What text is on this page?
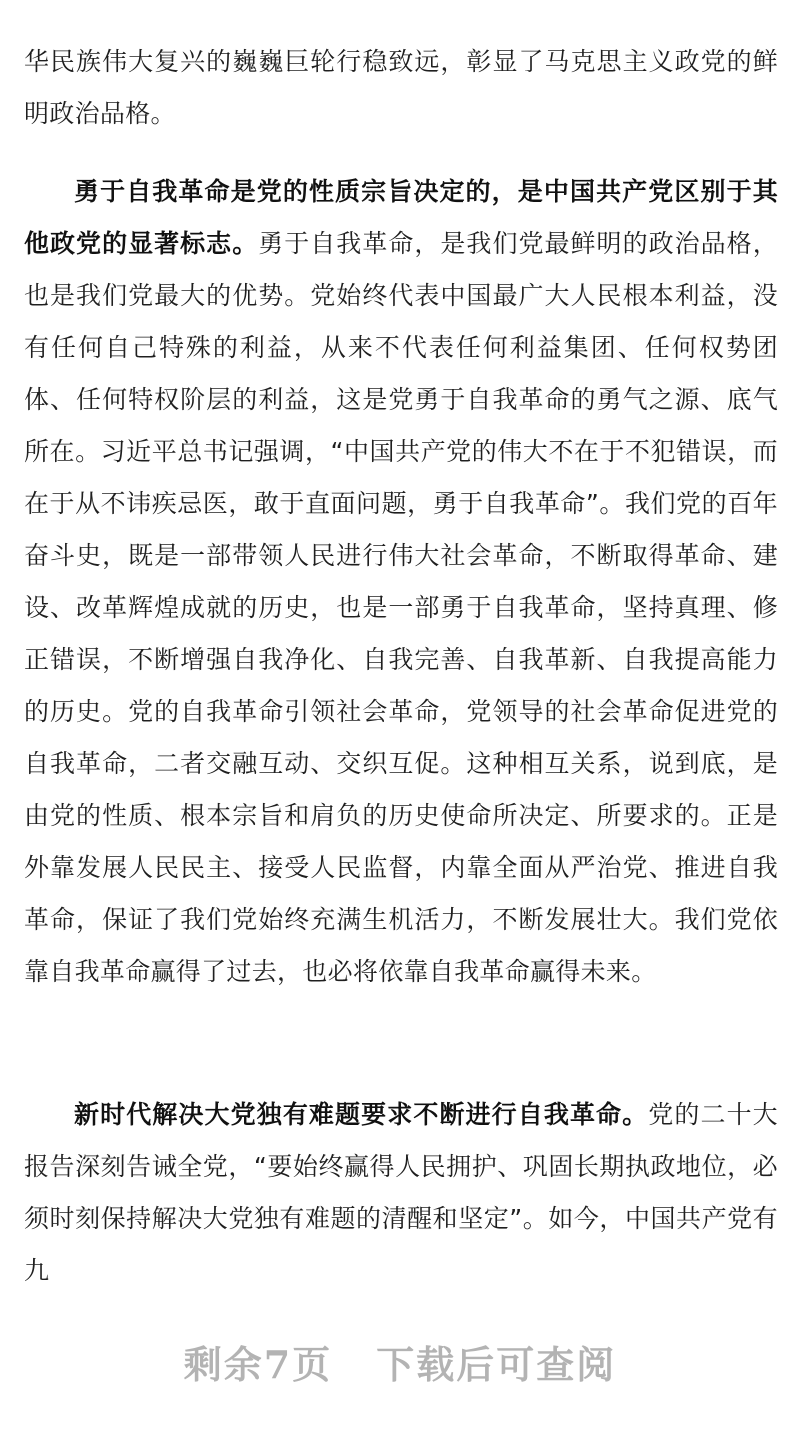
华民族伟大复兴的巍巍巨轮行稳致远，彰显了马克思主义政党的鲜明政治品格。

勇于自我革命是党的性质宗旨决定的，是中国共产党区别于其他政党的显著标志。勇于自我革命，是我们党最鲜明的政治品格，也是我们党最大的优势。党始终代表中国最广大人民根本利益，没有任何自己特殊的利益，从来不代表任何利益集团、任何权势团体、任何特权阶层的利益，这是党勇于自我革命的勇气之源、底气所在。习近平总书记强调，“中国共产党的伟大不在于不犯错误，而在于从不讳疾忌医，敢于直面问题，勇于自我革命”。我们党的百年奋斗史，既是一部带领人民进行伟大社会革命，不断取得革命、建设、改革辉煌成就的历史，也是一部勇于自我革命，坚持真理、修正错误，不断增强自我净化、自我完善、自我革新、自我提高能力的历史。党的自我革命引领社会革命，党领导的社会革命促进党的自我革命，二者交融互动、交织互促。这种相互关系，说到底，是由党的性质、根本宗旨和肩负的历史使命所决定、所要求的。正是外靠发展人民民主、接受人民监督，内靠全面从严治党、推进自我革命，保证了我们党始终充满生机活力，不断发展壮大。我们党依靠自我革命赢得了过去，也必将依靠自我革命赢得未来。

新时代解决大党独有难题要求不断进行自我革命。党的二十大报告深刻告诫全党，“要始终赢得人民拥护、巩固长期执政地位，必须时刻保持解决大党独有难题的清醒和坚定”。如今，中国共产党有九

剩余7页 下载后可查阅
